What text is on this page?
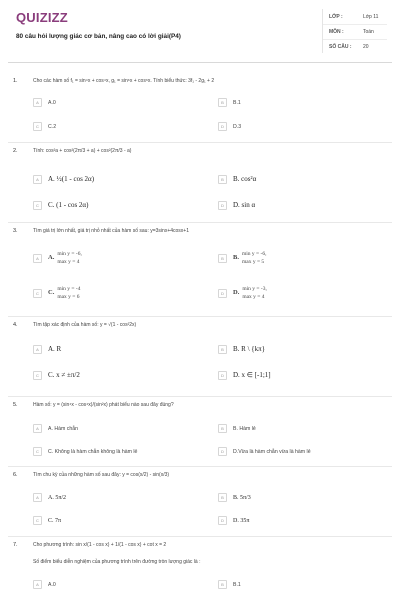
QUIZIZZ
80 câu hỏi lượng giác cơ bản, nâng cao có lời giải(P4)
LỚP :	Lớp 11
MÔN :	Toán
SỐ CÂU : 20
1.	Cho các hàm số f₁ = sin⁴x + cos⁴x, g₁ = sin⁶x + cos⁶x. Tính biểu thức: 3f₁ - 2g₁ + 2
A A.0	B B.1
C C.2	D D.3
2.	Tính: cos²a + cos²(2π/3 + a) + cos²(2π/3 - a)
A A. ½(1 - cos 2α)	B B. cos²α
C C. (1 - cos 2α)	D D. sin α
3.	Tìm giá trị lớn nhất, giá trị nhỏ nhất của hàm số sau: y=3sinx+4cosx+1
A A.min y = -6,
max y = 4
B B.min y = -6,
max y = 5
C C.min y = -4
max y = 6
D D.min y = -3,
max y = 4
4.	Tìm tập xác định của hàm số: y = √(1 - cos²2x)
A A. R	B B. R \ {kπ}
C C. x ≠ ±π/2	D D. x ∈ [-1;1]
5.	Hàm số: y = (sin⁴x - cos⁴x)/(sin²x) phát biểu nào sau đây đúng?
A A. Hàm chẵn	B B. Hàm lẻ
C C. Không là hàm chẵn không là hàm lẻ	D D.Vừa là hàm chẵn vừa là hàm lẻ
6.	Tìm chu kỳ của những hàm số sau đây: y = cos(x/2) - sin(x/3)
A A. 5π/2	B B. 5π/3
C C. 7π	D D. 35π
7.	Cho phương trình: sin x/(1 - cos x) + 1/(1 - cos x) + cot x = 2
Số điểm biểu diễn nghiệm của phương trình trên đường tròn lượng giác là :
A A.0	B B.1
